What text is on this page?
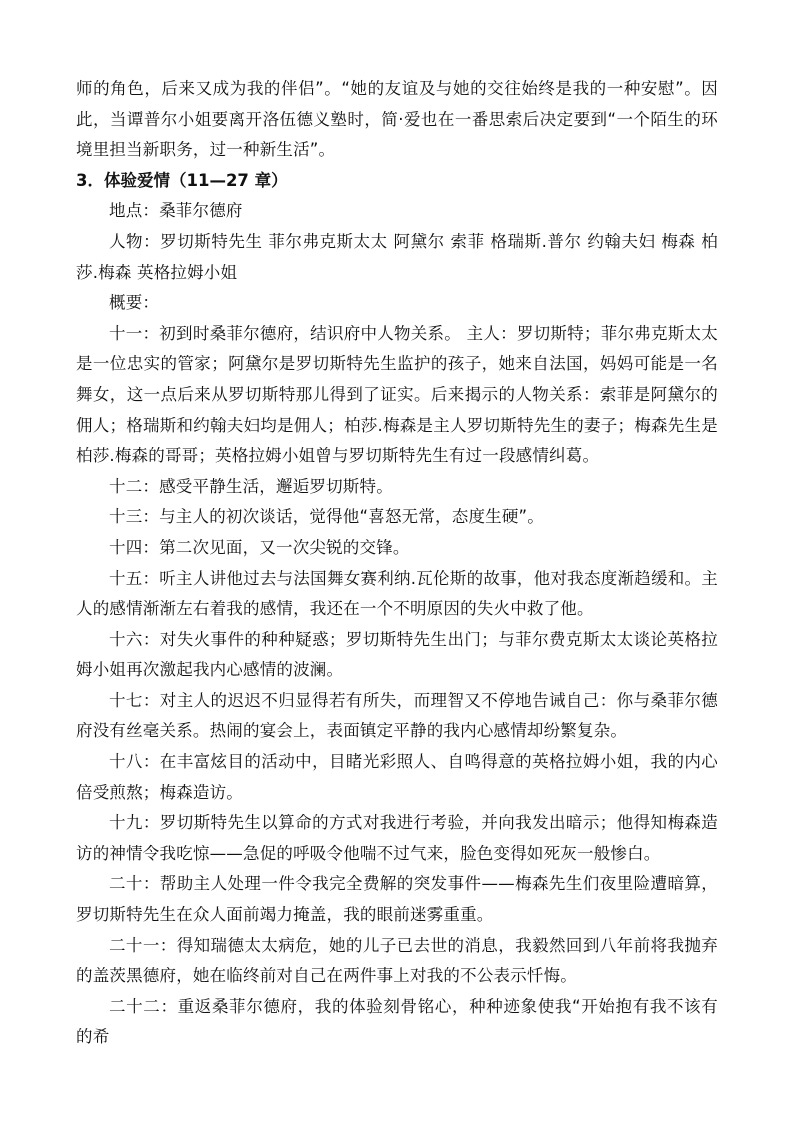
师的角色，后来又成为我的伴侣”。“她的友谊及与她的交往始终是我的一种安慰”。因此，当谭普尔小姐要离开洛伍德义塾时，简·爱也在一番思索后决定要到“一个陌生的环境里担当新职务，过一种新生活”。

3．体验爱情（11—27 章）

地点：桑菲尔德府

人物：罗切斯特先生 菲尔弗克斯太太 阿黛尔 索菲 格瑞斯.普尔 约翰夫妇 梅森 柏莎.梅森 英格拉姆小姐

概要：

十一：初到时桑菲尔德府，结识府中人物关系。 主人：罗切斯特；菲尔弗克斯太太是一位忠实的管家；阿黛尔是罗切斯特先生监护的孩子，她来自法国，妈妈可能是一名舞女，这一点后来从罗切斯特那儿得到了证实。后来揭示的人物关系：索菲是阿黛尔的佣人；格瑞斯和约翰夫妇均是佣人；柏莎.梅森是主人罗切斯特先生的妻子；梅森先生是柏莎.梅森的哥哥；英格拉姆小姐曾与罗切斯特先生有过一段感情纠葛。

十二：感受平静生活，邂逅罗切斯特。

十三：与主人的初次谈话，觉得他“喜怒无常，态度生硬”。

十四：第二次见面，又一次尖锐的交锋。

十五：听主人讲他过去与法国舞女赛利纳.瓦伦斯的故事，他对我态度渐趋缓和。主人的感情渐渐左右着我的感情，我还在一个不明原因的失火中救了他。

十六：对失火事件的种种疑惑；罗切斯特先生出门；与菲尔费克斯太太谈论英格拉姆小姐再次激起我内心感情的波澜。

十七：对主人的迟迟不归显得若有所失，而理智又不停地告诫自己：你与桑菲尔德府没有丝毫关系。热闹的宴会上，表面镇定平静的我内心感情却纷繁复杂。

十八：在丰富炫目的活动中，目睹光彩照人、自鸣得意的英格拉姆小姐，我的内心倍受煎熬；梅森造访。

十九：罗切斯特先生以算命的方式对我进行考验，并向我发出暗示；他得知梅森造访的神情令我吃惊——急促的呼吸令他喘不过气来，脸色变得如死灰一般惨白。

二十：帮助主人处理一件令我完全费解的突发事件——梅森先生们夜里险遭暗算，罗切斯特先生在众人面前竭力掩盖，我的眼前迷雾重重。

二十一：得知瑞德太太病危，她的儿子已去世的消息，我毅然回到八年前将我抛弃的盖茨黑德府，她在临终前对自己在两件事上对我的不公表示忏悔。

二十二：重返桑菲尔德府，我的体验刻骨铭心，种种迹象使我“开始抱有我不该有的希
